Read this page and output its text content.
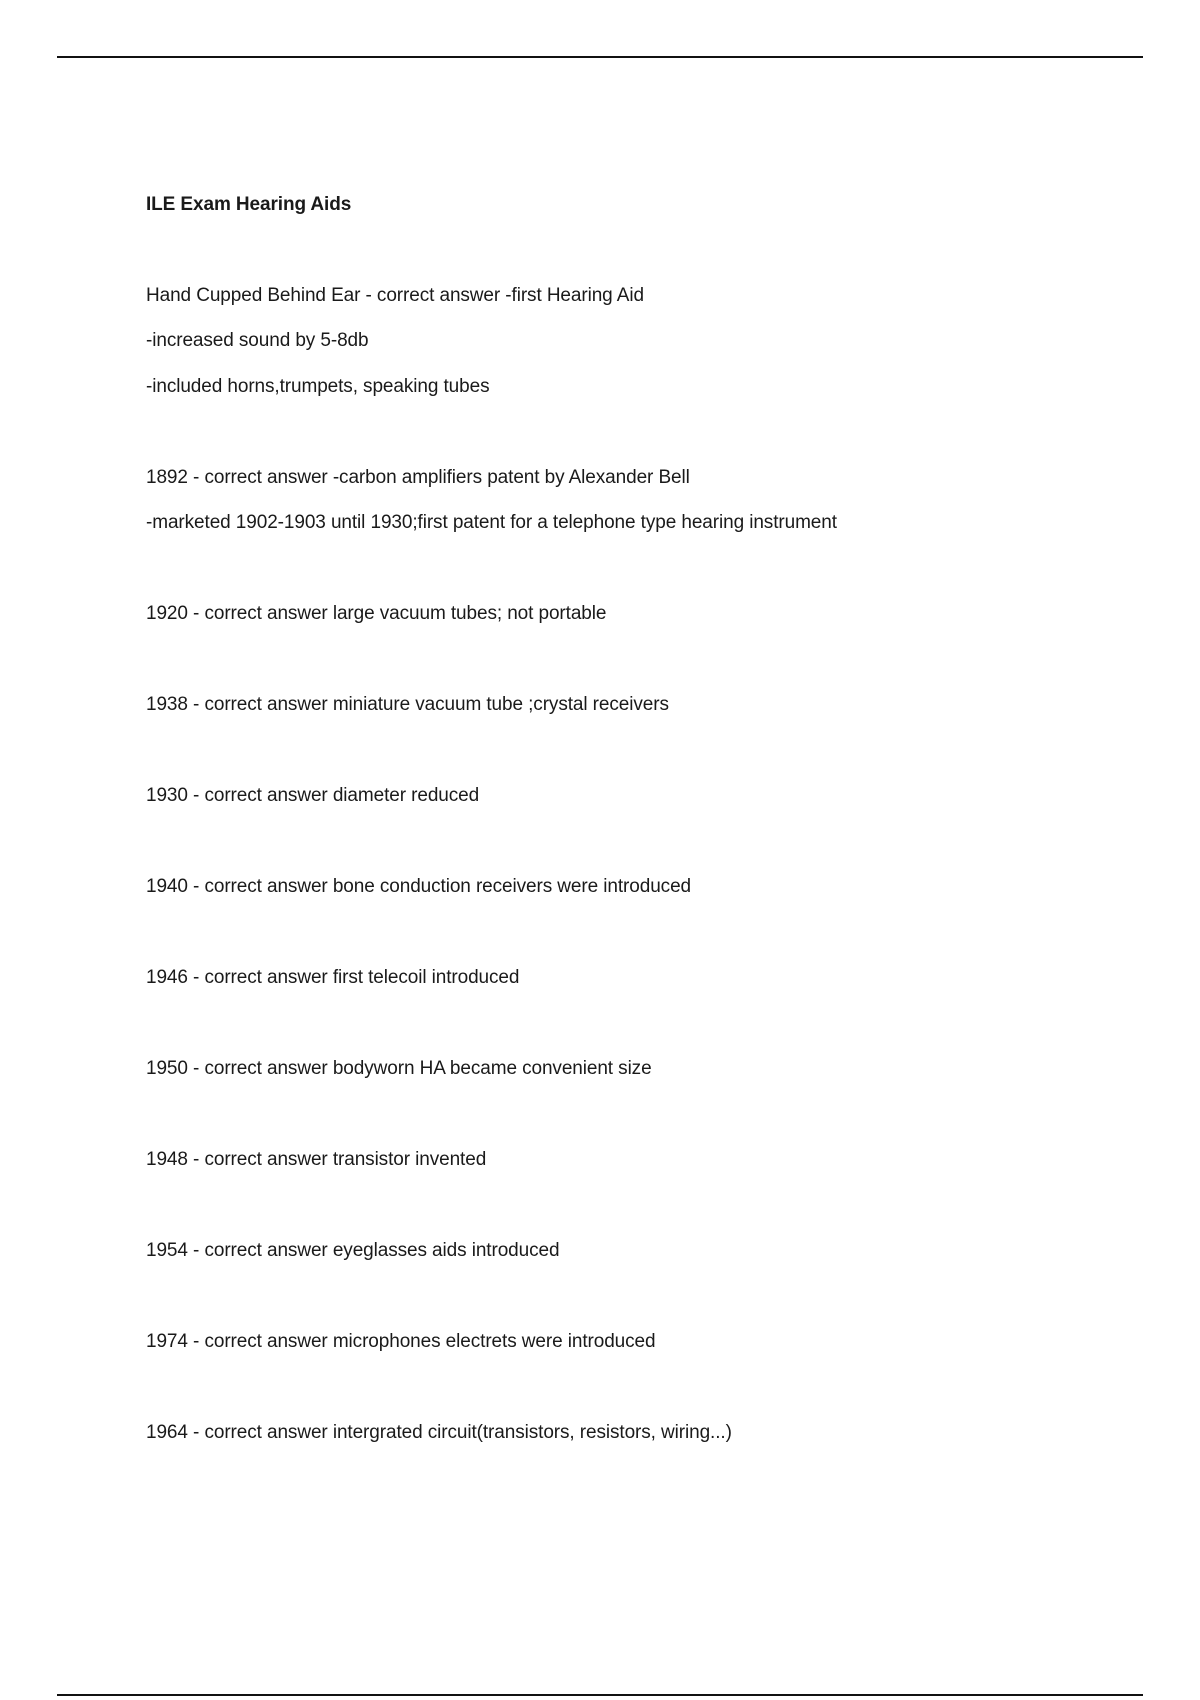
ILE Exam Hearing Aids
Hand Cupped Behind Ear - correct answer -first Hearing Aid
-increased sound by 5-8db
-included horns,trumpets, speaking tubes
1892 - correct answer -carbon amplifiers patent by Alexander Bell
-marketed 1902-1903 until 1930;first patent for a telephone type hearing instrument
1920 - correct answer large vacuum tubes; not portable
1938 - correct answer miniature vacuum tube ;crystal receivers
1930 - correct answer diameter reduced
1940 - correct answer bone conduction receivers were introduced
1946 - correct answer first telecoil introduced
1950 - correct answer bodyworn HA became convenient size
1948 - correct answer transistor invented
1954 - correct answer eyeglasses aids introduced
1974 - correct answer microphones electrets were introduced
1964 - correct answer intergrated circuit(transistors, resistors, wiring...)
